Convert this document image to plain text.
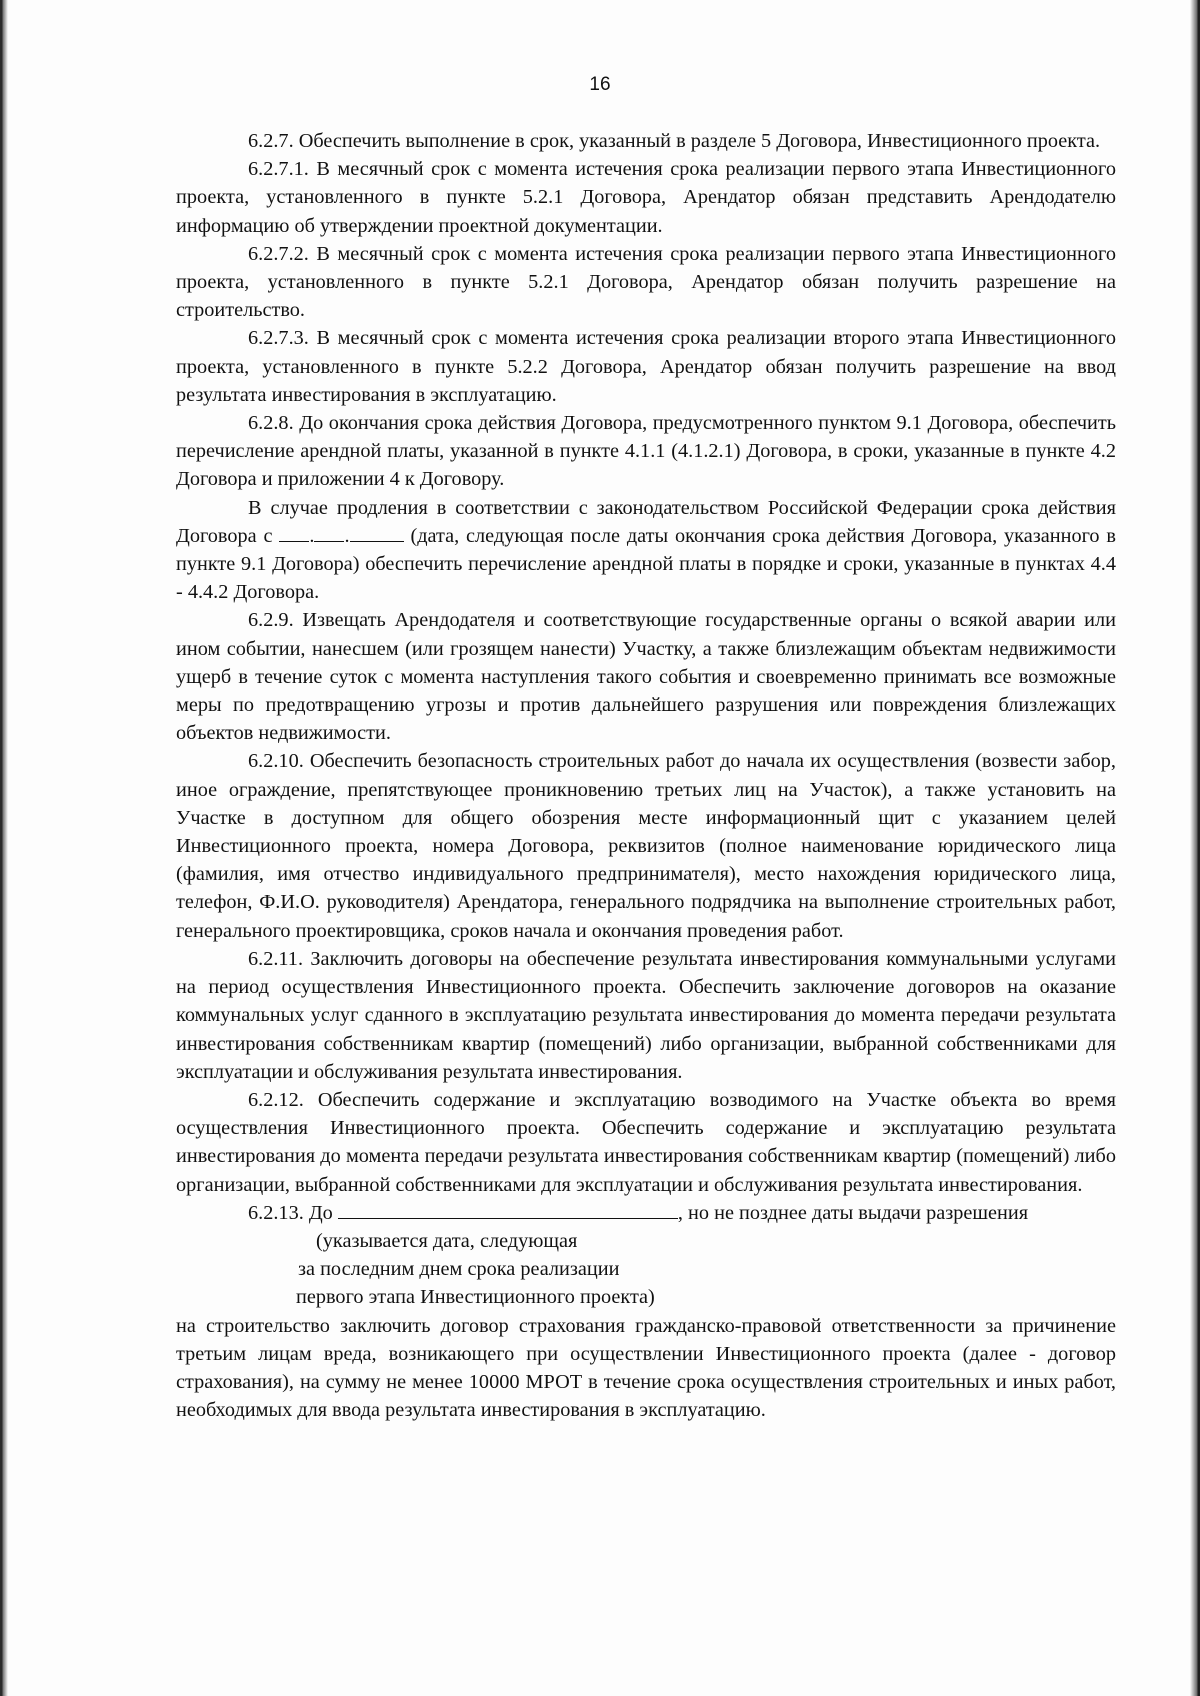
16

6.2.7. Обеспечить выполнение в срок, указанный в разделе 5 Договора, Инвестиционного проекта.

6.2.7.1. В месячный срок с момента истечения срока реализации первого этапа Инвестиционного проекта, установленного в пункте 5.2.1 Договора, Арендатор обязан представить Арендодателю информацию об утверждении проектной документации.

6.2.7.2. В месячный срок с момента истечения срока реализации первого этапа Инвестиционного проекта, установленного в пункте 5.2.1 Договора, Арендатор обязан получить разрешение на строительство.

6.2.7.3. В месячный срок с момента истечения срока реализации второго этапа Инвестиционного проекта, установленного в пункте 5.2.2 Договора, Арендатор обязан получить разрешение на ввод результата инвестирования в эксплуатацию.

6.2.8. До окончания срока действия Договора, предусмотренного пунктом 9.1 Договора, обеспечить перечисление арендной платы, указанной в пункте 4.1.1 (4.1.2.1) Договора, в сроки, указанные в пункте 4.2 Договора и приложении 4 к Договору.

В случае продления в соответствии с законодательством Российской Федерации срока действия Договора с . .	(дата, следующая после даты окончания срока действия Договора, указанного в пункте 9.1 Договора) обеспечить перечисление арендной платы в порядке и сроки, указанные в пунктах 4.4 - 4.4.2 Договора.

6.2.9. Извещать Арендодателя и соответствующие государственные органы о всякой аварии или ином событии, нанесшем (или грозящем нанести) Участку, а также близлежащим объектам недвижимости ущерб в течение суток с момента наступления такого события и своевременно принимать все возможные меры по предотвращению угрозы и против дальнейшего разрушения или повреждения близлежащих объектов недвижимости.

6.2.10. Обеспечить безопасность строительных работ до начала их осуществления (возвести забор, иное ограждение, препятствующее проникновению третьих лиц на Участок), а также установить на Участке в доступном для общего обозрения месте информационный щит с указанием целей Инвестиционного проекта, номера Договора, реквизитов (полное наименование юридического лица (фамилия, имя отчество индивидуального предпринимателя), место нахождения юридического лица, телефон, Ф.И.О. руководителя) Арендатора, генерального подрядчика на выполнение строительных работ, генерального проектировщика, сроков начала и окончания проведения работ.

6.2.11. Заключить договоры на обеспечение результата инвестирования коммунальными услугами на период осуществления Инвестиционного проекта. Обеспечить заключение договоров на оказание коммунальных услуг сданного в эксплуатацию результата инвестирования до момента передачи результата инвестирования собственникам квартир (помещений) либо организации, выбранной собственниками для эксплуатации и обслуживания результата инвестирования.

6.2.12. Обеспечить содержание и эксплуатацию возводимого на Участке объекта во время осуществления Инвестиционного проекта. Обеспечить содержание и эксплуатацию результата инвестирования до момента передачи результата инвестирования собственникам квартир (помещений) либо организации, выбранной собственниками для эксплуатации и обслуживания результата инвестирования.

6.2.13. До	, но не позднее даты выдачи разрешения

(указывается дата, следующая

за последним днем срока реализации

первого этапа Инвестиционного проекта)

на строительство заключить договор страхования гражданско-правовой ответственности за причинение третьим лицам вреда, возникающего при осуществлении Инвестиционного проекта (далее - договор страхования), на сумму не менее 10000 МРОТ в течение срока осуществления строительных и иных работ, необходимых для ввода результата инвестирования в эксплуатацию.
